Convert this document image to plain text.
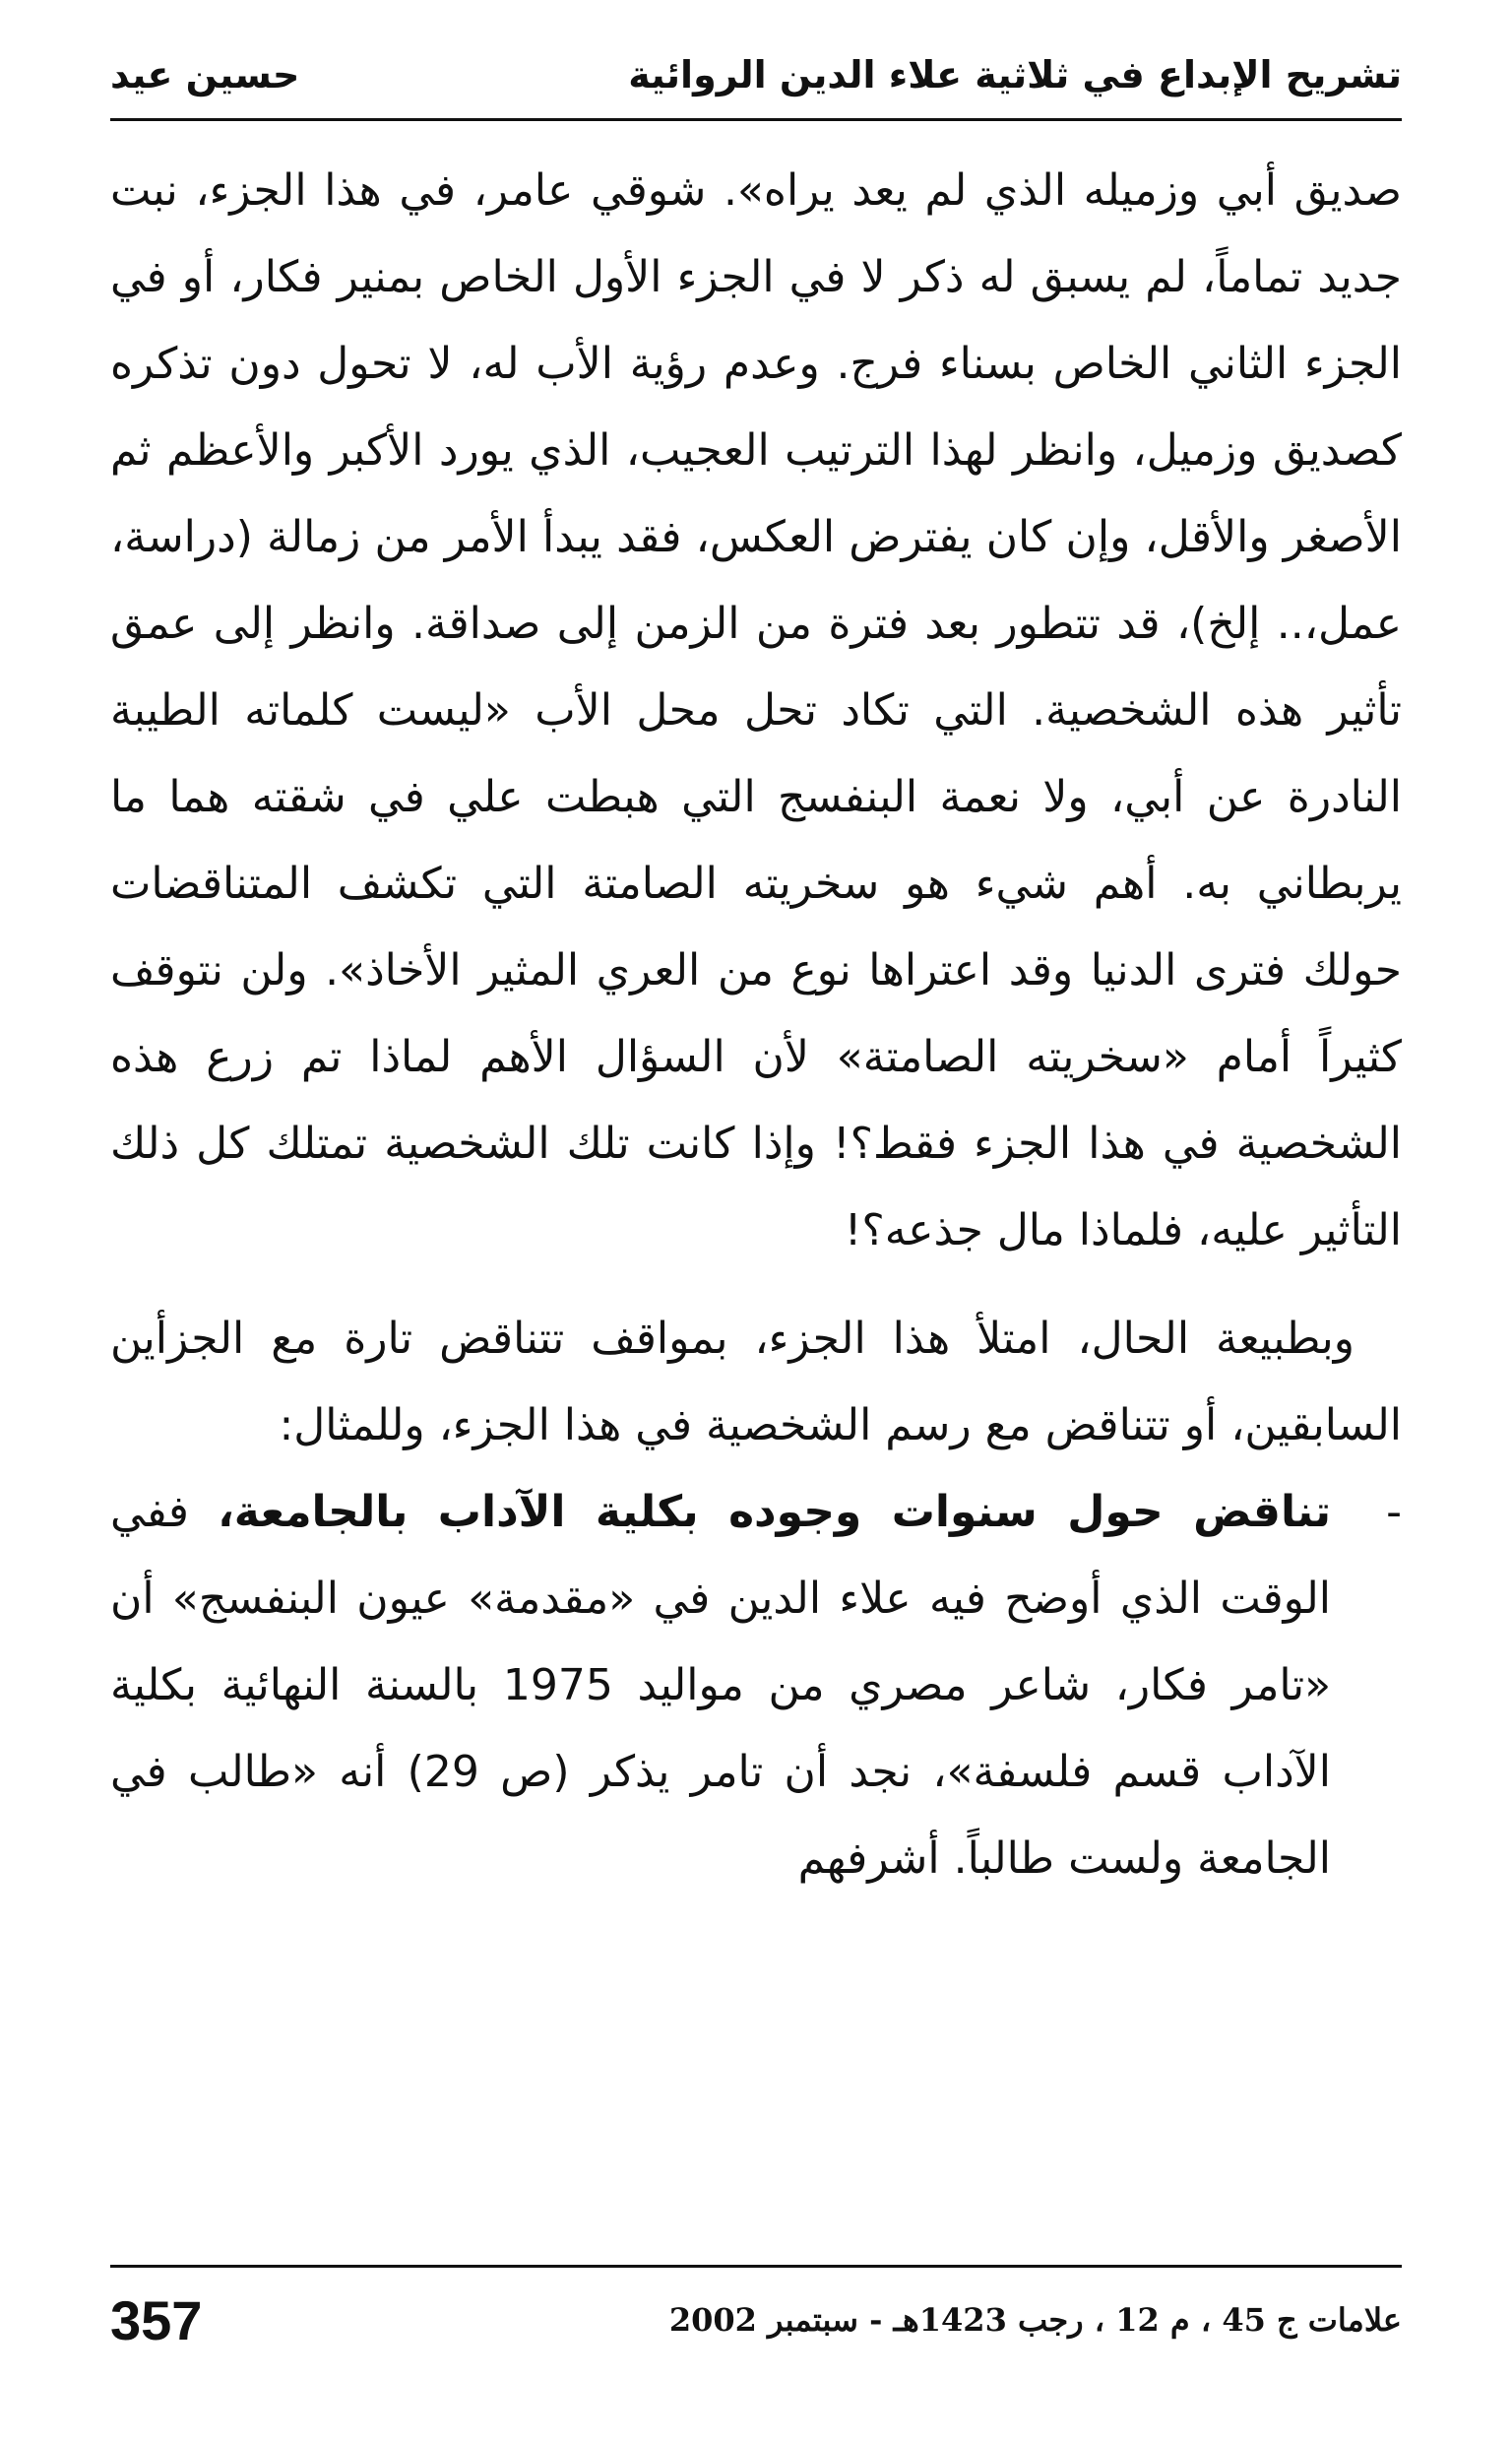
تشريح الإبداع في ثلاثية علاء الدين الروائية
حسين عيد

صديق أبي وزميله الذي لم يعد يراه». شوقي عامر، في هذا الجزء، نبت جديد تماماً، لم يسبق له ذكر لا في الجزء الأول الخاص بمنير فكار، أو في الجزء الثاني الخاص بسناء فرج. وعدم رؤية الأب له، لا تحول دون تذكره كصديق وزميل، وانظر لهذا الترتيب العجيب، الذي يورد الأكبر والأعظم ثم الأصغر والأقل، وإن كان يفترض العكس، فقد يبدأ الأمر من زمالة (دراسة، عمل،.. إلخ)، قد تتطور بعد فترة من الزمن إلى صداقة. وانظر إلى عمق تأثير هذه الشخصية. التي تكاد تحل محل الأب «ليست كلماته الطيبة النادرة عن أبي، ولا نعمة البنفسج التي هبطت علي في شقته هما ما يربطاني به. أهم شيء هو سخريته الصامتة التي تكشف المتناقضات حولك فترى الدنيا وقد اعتراها نوع من العري المثير الأخاذ». ولن نتوقف كثيراً أمام «سخريته الصامتة» لأن السؤال الأهم لماذا تم زرع هذه الشخصية في هذا الجزء فقط؟! وإذا كانت تلك الشخصية تمتلك كل ذلك التأثير عليه، فلماذا مال جذعه؟!

وبطبيعة الحال، امتلأ هذا الجزء، بمواقف تتناقض تارة مع الجزأين السابقين، أو تتناقض مع رسم الشخصية في هذا الجزء، وللمثال:

-

تناقض حول سنوات وجوده بكلية الآداب بالجامعة، ففي الوقت الذي أوضح فيه علاء الدين في «مقدمة» عيون البنفسج» أن «تامر فكار، شاعر مصري من مواليد 1975 بالسنة النهائية بكلية الآداب قسم فلسفة»، نجد أن تامر يذكر (ص 29) أنه «طالب في الجامعة ولست طالباً. أشرفهم

علامات ج 45 ، م 12 ، رجب 1423هـ - سبتمبر 2002
357
